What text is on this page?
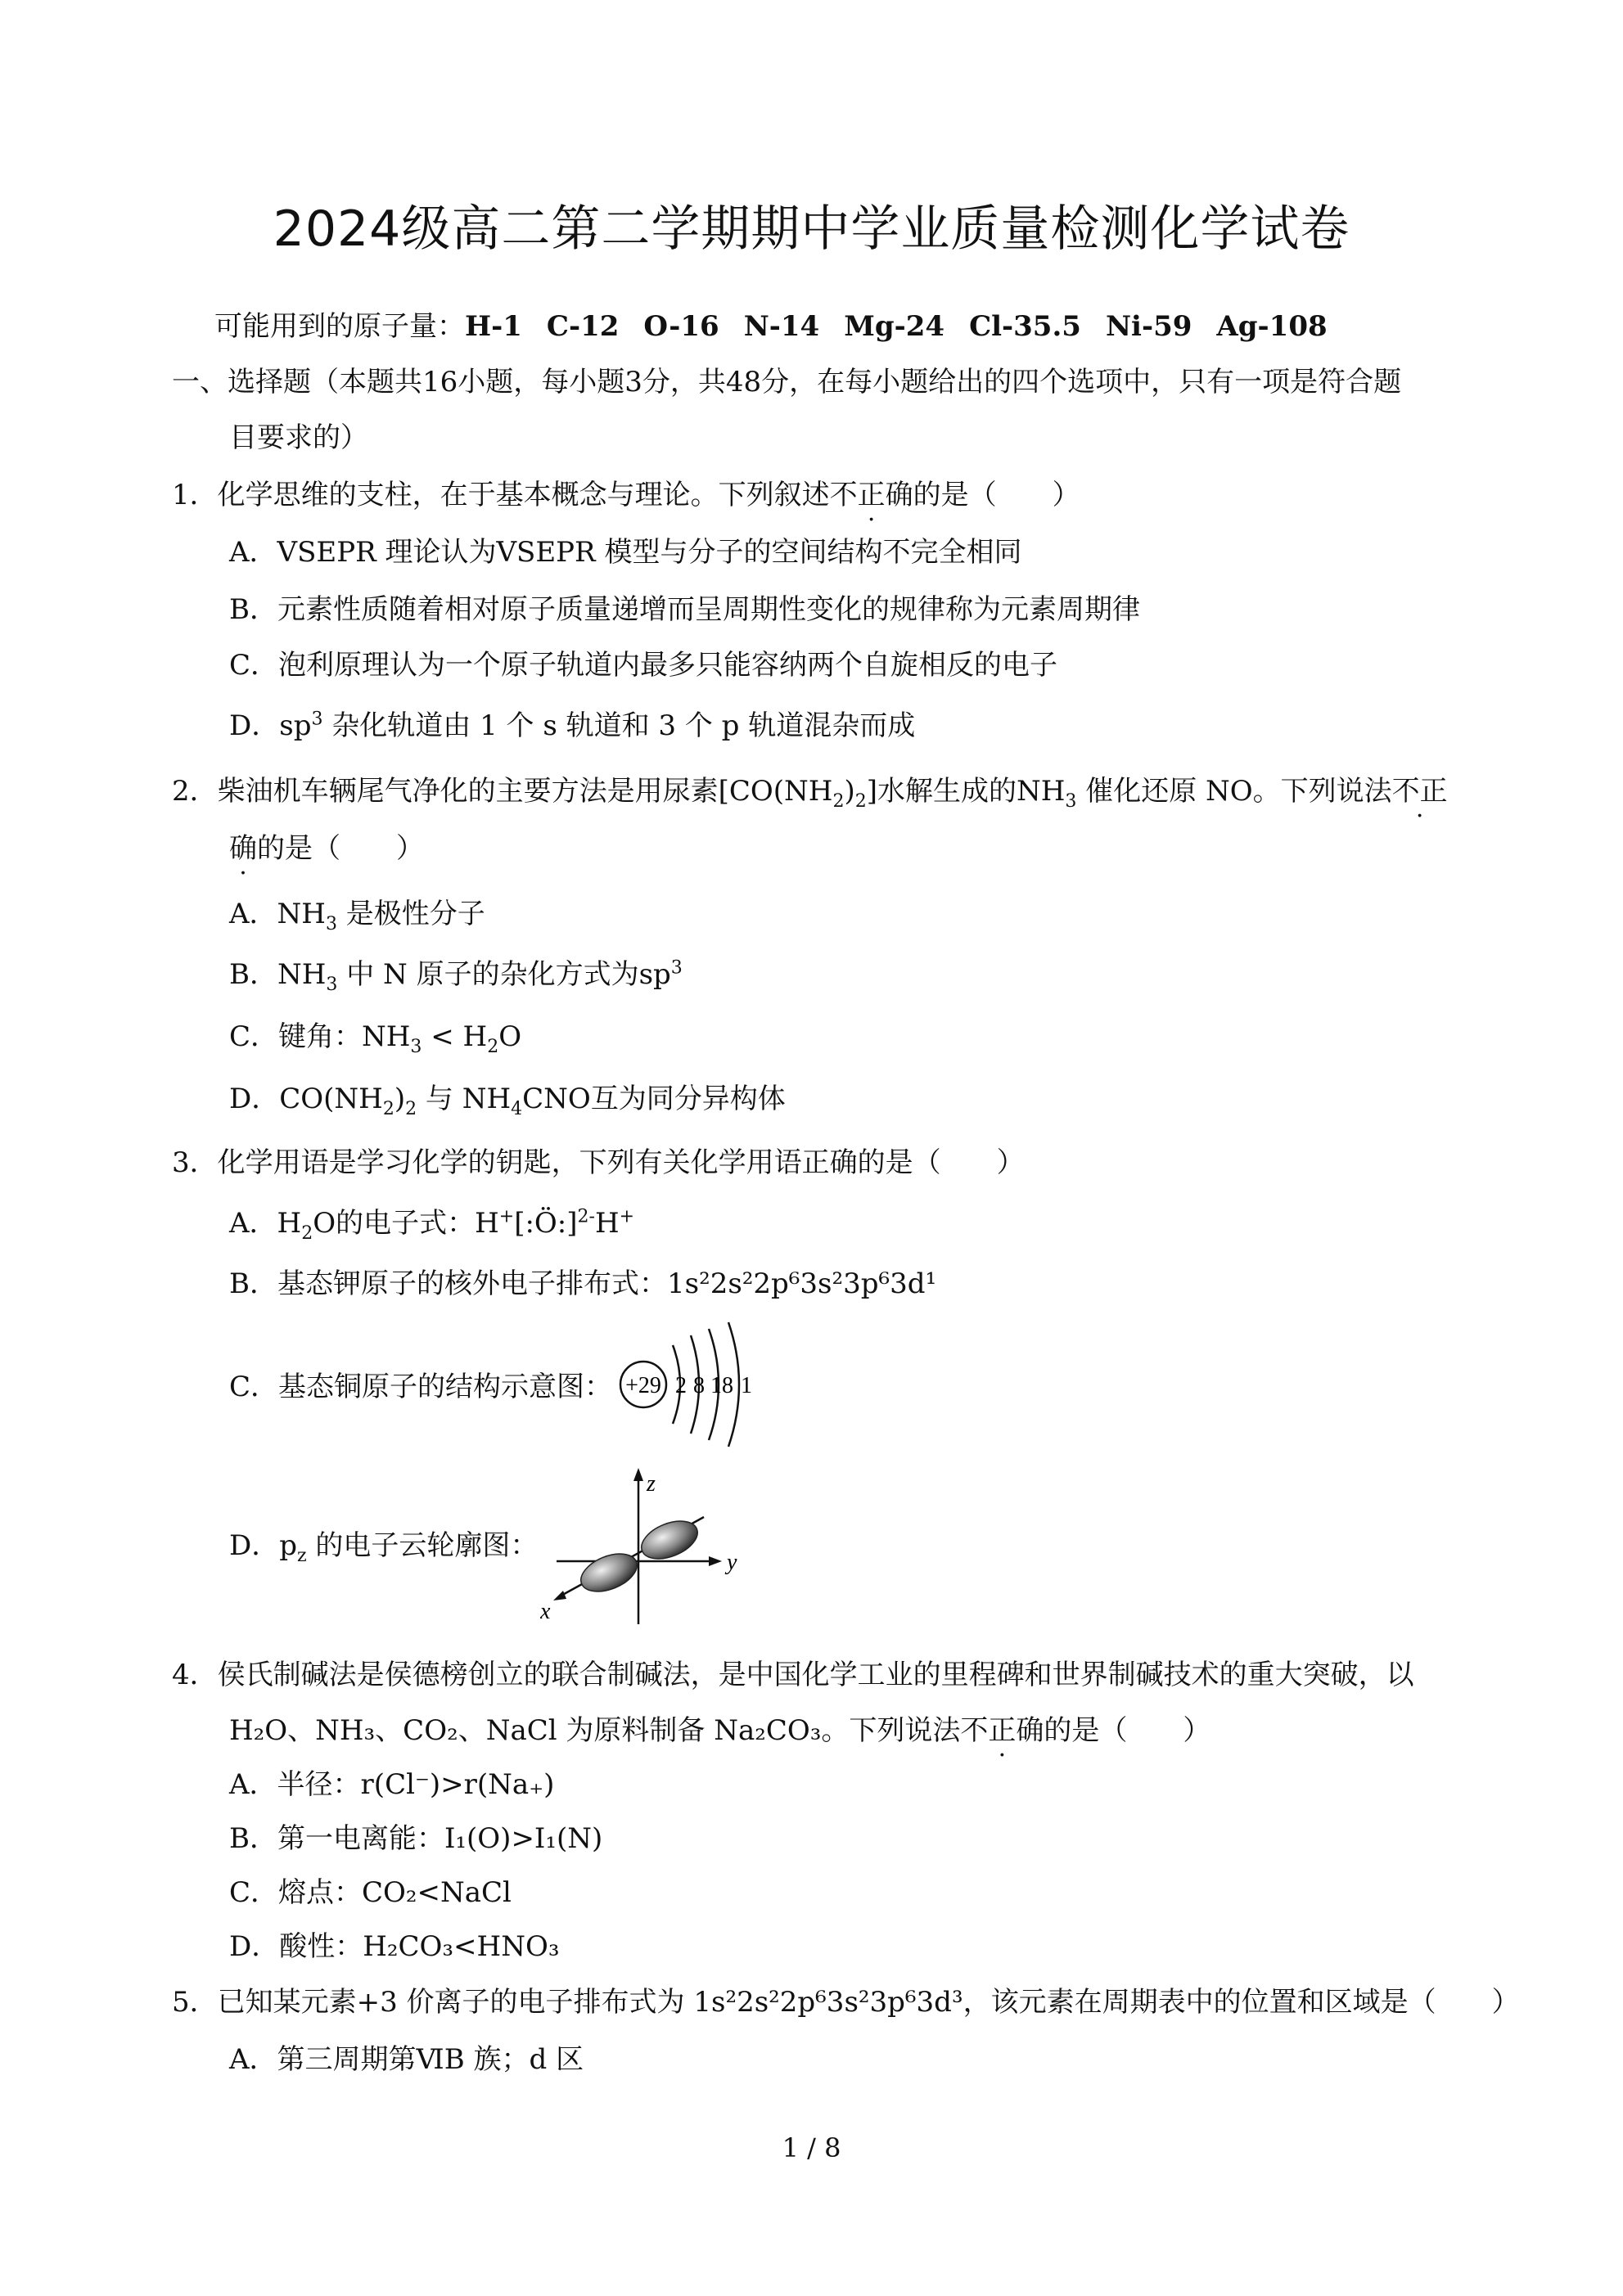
2024级高二第二学期期中学业质量检测化学试卷
可能用到的原子量：H-1 C-12 O-16 N-14 Mg-24 Cl-35.5 Ni-59 Ag-108
一、选择题（本题共16小题，每小题3分，共48分，在每小题给出的四个选项中，只有一项是符合题
目要求的）
1．化学思维的支柱，在于基本概念与理论。下列叙述不正确的是（　　）
A．VSEPR 理论认为VSEPR 模型与分子的空间结构不完全相同
B．元素性质随着相对原子质量递增而呈周期性变化的规律称为元素周期律
C．泡利原理认为一个原子轨道内最多只能容纳两个自旋相反的电子
D．$sp^3$ 杂化轨道由 1 个 s 轨道和 3 个 p 轨道混杂而成
2．柴油机车辆尾气净化的主要方法是用尿素$[CO(NH_2)_2]$水解生成的$NH_3$ 催化还原 NO。下列说法不正
确的是（　　）
A．$NH_3$ 是极性分子
B．$NH_3$ 中 N 原子的杂化方式为$sp^3$
C．键角：$NH_3 < H_2O$
D．$CO(NH_2)_2$ 与 $NH_4CNO$互为同分异构体
3．化学用语是学习化学的钥匙，下列有关化学用语正确的是（　　）
A．$H_2O$的电子式：H+[:Ö:]$^{2-}$H+
B．基态钾原子的核外电子排布式：1s²2s²2p⁶3s²3p⁶3d¹
C．基态铜原子的结构示意图： +29 2 8 18 1
D．$p_z$ 的电子云轮廓图：
z
y
x
4．侯氏制碱法是侯德榜创立的联合制碱法，是中国化学工业的里程碑和世界制碱技术的重大突破，以
H₂O、NH₃、CO₂、NaCl 为原料制备 Na₂CO₃。下列说法不正确的是（　　）
A．半径：r(Cl⁻)>r(Na₊)
B．第一电离能：I₁(O)>I₁(N)
C．熔点：CO₂<NaCl
D．酸性：H₂CO₃<HNO₃
5．已知某元素+3 价离子的电子排布式为 1s²2s²2p⁶3s²3p⁶3d³，该元素在周期表中的位置和区域是（　　）
A．第三周期第ⅥB 族；d 区
1 / 8
